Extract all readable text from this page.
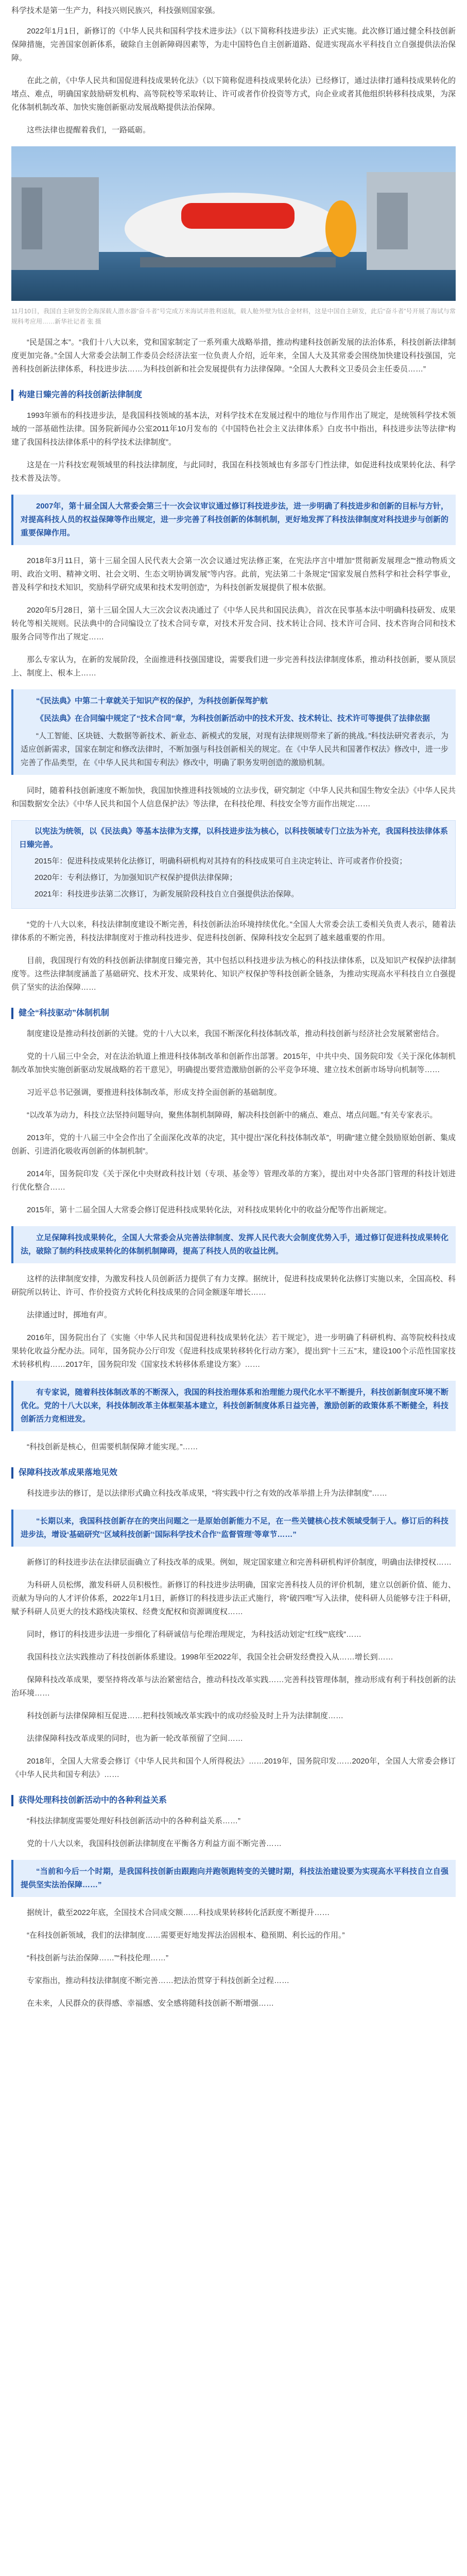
科学技术是第一生产力，科技兴则民族兴，科技强则国家强。

2022年1月1日，新修订的《中华人民共和国科学技术进步法》（以下简称科技进步法）正式实施。此次修订通过健全科技创新保障措施，完善国家创新体系，破除自主创新障碍因素等，为走中国特色自主创新道路、促进实现高水平科技自立自强提供法治保障。

在此之前，《中华人民共和国促进科技成果转化法》（以下简称促进科技成果转化法）已经修订，通过法律打通科技成果转化的堵点、难点，明确国家鼓励研发机构、高等院校等采取转让、许可或者作价投资等方式，向企业或者其他组织转移科技成果，为深化体制机制改革、加快实施创新驱动发展战略提供法治保障。

这些法律也提醒着我们，一路砥砺。

11月10日，我国自主研发的全海深载人潜水器“奋斗者”号完成万米海试并胜利返航，载人舱外壁为钛合金材料，这是中国自主研发，此后“奋斗者”号开展了海试与常规科考应用……新华社记者 张 摄

“民是国之本”。“我们十八大以来，党和国家制定了一系列重大战略举措，推动构建科技创新发展的法治体系，科技创新法律制度更加完备。”全国人大常委会法制工作委员会经济法室一位负责人介绍，近年来，全国人大及其常委会围绕加快建设科技强国，完善科技创新法律体系，科技进步法……为科技创新和社会发展提供有力法律保障。“全国人大教科文卫委员会主任委员……”

构建日臻完善的科技创新法律制度

1993年颁布的科技进步法，是我国科技领域的基本法，对科学技术在发展过程中的地位与作用作出了规定，是统领科学技术领域的一部基础性法律。国务院新闻办公室2011年10月发布的《中国特色社会主义法律体系》白皮书中指出，科技进步法等法律“构建了我国科技法律体系中的科学技术法律制度”。

这是在一片科技宏观领域里的科技法律制度，与此同时，我国在科技领域也有多部专门性法律，如促进科技成果转化法、科学技术普及法等。

2007年，第十届全国人大常委会第三十一次会议审议通过修订科技进步法，进一步明确了科技进步和创新的目标与方针，对提高科技人员的权益保障等作出规定，进一步完善了科技创新的体制机制，更好地发挥了科技法律制度对科技进步与创新的重要保障作用。

2018年3月11日，第十三届全国人民代表大会第一次会议通过宪法修正案，在宪法序言中增加“贯彻新发展理念”“推动物质文明、政治文明、精神文明、社会文明、生态文明协调发展”等内容。此前，宪法第二十条规定“国家发展自然科学和社会科学事业，普及科学和技术知识，奖励科学研究成果和技术发明创造”，为科技创新发展提供了根本依据。

2020年5月28日，第十三届全国人大三次会议表决通过了《中华人民共和国民法典》，首次在民事基本法中明确科技研发、成果转化等相关规则。民法典中的合同编设立了技术合同专章，对技术开发合同、技术转让合同、技术许可合同、技术咨询合同和技术服务合同等作出了规定……

那么专家认为，在新的发展阶段，全面推进科技强国建设，需要我们进一步完善科技法律制度体系，推动科技创新，要从顶层上、制度上、根本上……

“《民法典》中第二十章就关于知识产权的保护，为科技创新保驾护航

《民法典》在合同编中规定了“技术合同”章，为科技创新活动中的技术开发、技术转让、技术许可等提供了法律依据

“人工智能、区块链、大数据等新技术、新业态、新模式的发展，对现有法律规则带来了新的挑战。”科技法研究者表示，为适应创新需求，国家在制定和修改法律时，不断加强与科技创新相关的规定。在《中华人民共和国著作权法》修改中，进一步完善了作品类型，在《中华人民共和国专利法》修改中，明确了职务发明创造的激励机制。

同时，随着科技创新速度不断加快，我国加快推进科技领域的立法步伐，研究制定《中华人民共和国生物安全法》《中华人民共和国数据安全法》《中华人民共和国个人信息保护法》等法律，在科技伦理、科技安全等方面作出规定……

以宪法为统领，以《民法典》等基本法律为支撑，以科技进步法为核心，以科技领域专门立法为补充，我国科技法律体系日臻完善。

2015年：促进科技成果转化法修订，明确科研机构对其持有的科技成果可自主决定转让、许可或者作价投资；

2020年：专利法修订，为加强知识产权保护提供法律保障；

2021年：科技进步法第二次修订，为新发展阶段科技自立自强提供法治保障。

“党的十八大以来，科技法律制度建设不断完善，科技创新法治环境持续优化。”全国人大常委会法工委相关负责人表示，随着法律体系的不断完善，科技法律制度对于推动科技进步、促进科技创新、保障科技安全起到了越来越重要的作用。

目前，我国现行有效的科技创新法律制度日臻完善，其中包括以科技进步法为核心的科技法律体系，以及知识产权保护法律制度等。这些法律制度涵盖了基础研究、技术开发、成果转化、知识产权保护等科技创新全链条，为推动实现高水平科技自立自强提供了坚实的法治保障……

健全“科技驱动”体制机制

制度建设是推动科技创新的关键。党的十八大以来，我国不断深化科技体制改革，推动科技创新与经济社会发展紧密结合。

党的十八届三中全会，对在法治轨道上推进科技体制改革和创新作出部署。2015年，中共中央、国务院印发《关于深化体制机制改革加快实施创新驱动发展战略的若干意见》，明确提出要营造激励创新的公平竞争环境、建立技术创新市场导向机制等……

习近平总书记强调，要推进科技体制改革，形成支持全面创新的基础制度。

“以改革为动力，科技立法坚持问题导向，聚焦体制机制障碍，解决科技创新中的痛点、难点、堵点问题。”有关专家表示。

2013年，党的十八届三中全会作出了全面深化改革的决定，其中提出“深化科技体制改革”，明确“建立健全鼓励原始创新、集成创新、引进消化吸收再创新的体制机制”。

2014年，国务院印发《关于深化中央财政科技计划（专项、基金等）管理改革的方案》，提出对中央各部门管理的科技计划进行优化整合……

2015年，第十二届全国人大常委会修订促进科技成果转化法，对科技成果转化中的收益分配等作出新规定。

立足保障科技成果转化，全国人大常委会从完善法律制度、发挥人民代表大会制度优势入手，通过修订促进科技成果转化法，破除了制约科技成果转化的体制机制障碍，提高了科技人员的收益比例。

这样的法律制度安排，为激发科技人员创新活力提供了有力支撑。据统计，促进科技成果转化法修订实施以来，全国高校、科研院所以转让、许可、作价投资方式转化科技成果的合同金额逐年增长……

法律通过时，掷地有声。

2016年，国务院出台了《实施〈中华人民共和国促进科技成果转化法〉若干规定》，进一步明确了科研机构、高等院校科技成果转化收益分配办法。同年，国务院办公厅印发《促进科技成果转移转化行动方案》，提出到“十三五”末，建设100个示范性国家技术转移机构……2017年，国务院印发《国家技术转移体系建设方案》……

有专家说，随着科技体制改革的不断深入，我国的科技治理体系和治理能力现代化水平不断提升，科技创新制度环境不断优化。党的十八大以来，科技体制改革主体框架基本建立，科技创新制度体系日益完善，激励创新的政策体系不断健全，科技创新活力竞相迸发。

“科技创新是核心，但需要机制保障才能实现。”……

保障科技改革成果落地见效

科技进步法的修订，是以法律形式确立科技改革成果，“将实践中行之有效的改革举措上升为法律制度”……

“长期以来，我国科技创新存在的突出问题之一是原始创新能力不足，在一些关键核心技术领域受制于人。修订后的科技进步法，增设‘基础研究’‘区域科技创新’‘国际科学技术合作’‘监督管理’等章节……”

新修订的科技进步法在法律层面确立了科技改革的成果。例如，规定国家建立和完善科研机构评价制度，明确由法律授权……

为科研人员松绑，激发科研人员积极性。新修订的科技进步法明确，国家完善科技人员的评价机制，建立以创新价值、能力、贡献为导向的人才评价体系，2022年1月1日，新修订的科技进步法正式施行，将“破四唯”写入法律，使科研人员能够专注于科研，赋予科研人员更大的技术路线决策权、经费支配权和资源调度权……

同时，修订的科技进步法进一步细化了科研诚信与伦理治理规定，为科技活动划定“红线”“底线”……

我国科技立法实践推动了科技创新体系建设。1998年至2022年，我国全社会研发经费投入从……增长到……

保障科技改革成果，要坚持将改革与法治紧密结合，推动科技改革实践……完善科技管理体制，推动形成有利于科技创新的法治环境……

科技创新与法律保障相互促进……把科技领域改革实践中的成功经验及时上升为法律制度……

法律保障科技改革成果的同时，也为新一轮改革预留了空间……

2018年，全国人大常委会修订《中华人民共和国个人所得税法》……2019年，国务院印发……2020年，全国人大常委会修订《中华人民共和国专利法》……

获得处理科技创新活动中的各种利益关系

“科技法律制度需要处理好科技创新活动中的各种利益关系……”

党的十八大以来，我国科技创新法律制度在平衡各方利益方面不断完善……

“当前和今后一个时期，是我国科技创新由跟跑向并跑领跑转变的关键时期，科技法治建设要为实现高水平科技自立自强提供坚实法治保障……”

据统计，截至2022年底，全国技术合同成交额……科技成果转移转化活跃度不断提升……

“在科技创新领域，我们的法律制度……需要更好地发挥法治固根本、稳预期、利长远的作用。”

“科技创新与法治保障……”“科技伦理……”

专家指出，推动科技法律制度不断完善……把法治贯穿于科技创新全过程……

在未来，人民群众的获得感、幸福感、安全感将随科技创新不断增强……
